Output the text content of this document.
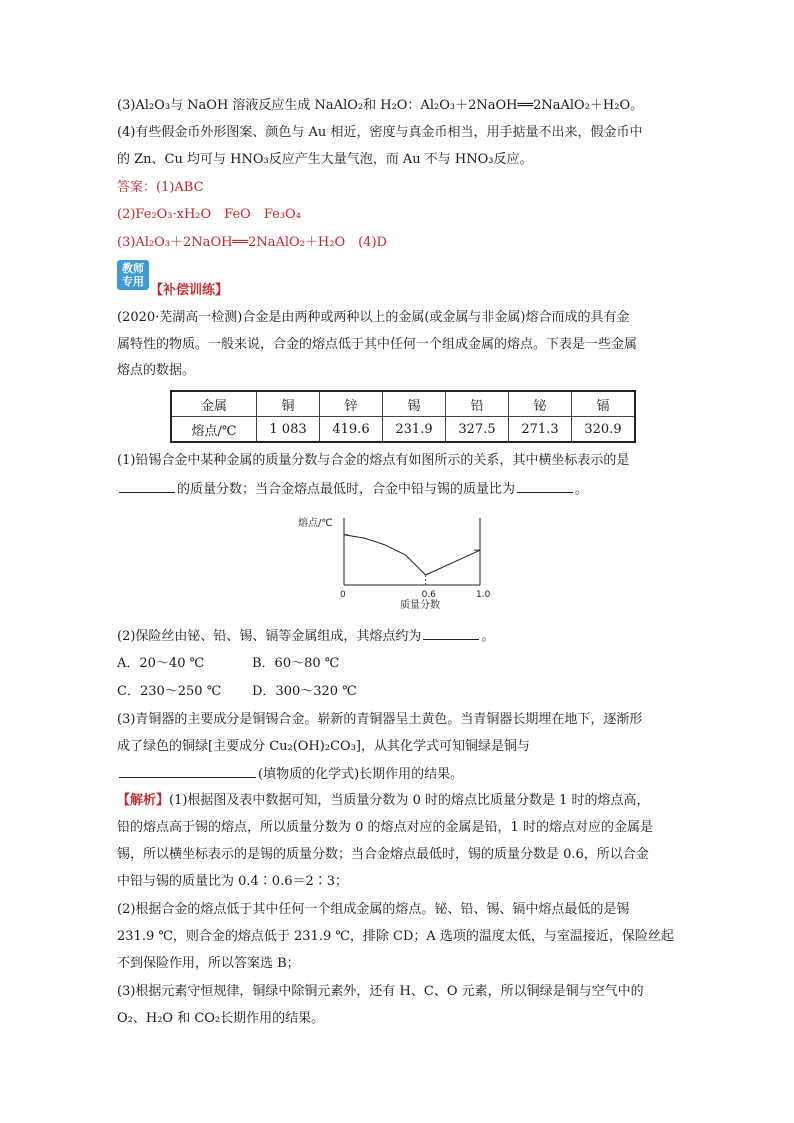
(3)Al₂O₃与 NaOH 溶液反应生成 NaAlO₂和 H₂O：Al₂O₃＋2NaOH══2NaAlO₂＋H₂O。
(4)有些假金币外形图案、颜色与 Au 相近，密度与真金币相当，用手掂量不出来，假金币中
的 Zn、Cu 均可与 HNO₃反应产生大量气泡，而 Au 不与 HNO₃反应。
答案：(1)ABC
(2)Fe₂O₃·xH₂O　FeO　Fe₃O₄
(3)Al₂O₃＋2NaOH══2NaAlO₂＋H₂O　(4)D
教师
专用
【补偿训练】
(2020·芜湖高一检测)合金是由两种或两种以上的金属(或金属与非金属)熔合而成的具有金
属特性的物质。一般来说，合金的熔点低于其中任何一个组成金属的熔点。下表是一些金属
熔点的数据。
金属	铜	锌	锡	铅	铋	镉
熔点/℃	1 083	419.6	231.9	327.5	271.3	320.9
(1)铅锡合金中某种金属的质量分数与合金的熔点有如图所示的关系，其中横坐标表示的是
的质量分数；当合金熔点最低时，合金中铅与锡的质量比为	。
熔点/℃
0	0.6	1.0
质量分数
(2)保险丝由铋、铅、锡、镉等金属组成，其熔点约为	。
A．20～40 ℃	B．60～80 ℃
C．230～250 ℃ D．300～320 ℃
(3)青铜器的主要成分是铜锡合金。崭新的青铜器呈土黄色。当青铜器长期埋在地下，逐渐形
成了绿色的铜绿[主要成分 Cu₂(OH)₂CO₃]，从其化学式可知铜绿是铜与
(填物质的化学式)长期作用的结果。
【解析】(1)根据图及表中数据可知，当质量分数为 0 时的熔点比质量分数是 1 时的熔点高，
铅的熔点高于锡的熔点，所以质量分数为 0 的熔点对应的金属是铅，1 时的熔点对应的金属是
锡，所以横坐标表示的是锡的质量分数；当合金熔点最低时，锡的质量分数是 0.6，所以合金
中铅与锡的质量比为 0.4∶0.6＝2∶3；
(2)根据合金的熔点低于其中任何一个组成金属的熔点。铋、铅、锡、镉中熔点最低的是锡
231.9 ℃，则合金的熔点低于 231.9 ℃，排除 CD；A 选项的温度太低，与室温接近，保险丝起
不到保险作用，所以答案选 B；
(3)根据元素守恒规律，铜绿中除铜元素外，还有 H、C、O 元素，所以铜绿是铜与空气中的
O₂、H₂O 和 CO₂长期作用的结果。
